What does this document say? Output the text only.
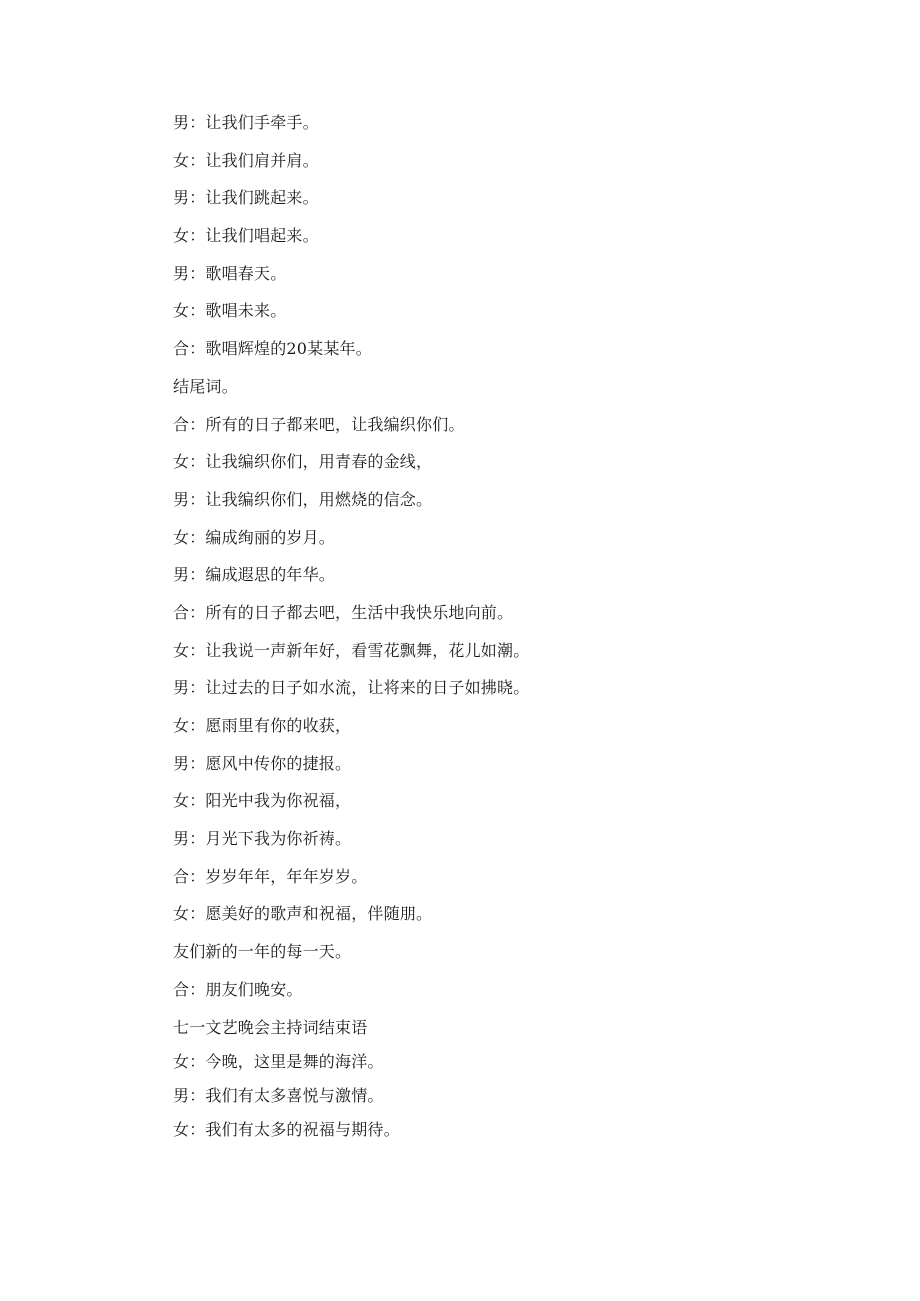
男：让我们手牵手。
女：让我们肩并肩。
男：让我们跳起来。
女：让我们唱起来。
男：歌唱春天。
女：歌唱未来。
合：歌唱辉煌的20某某年。
结尾词。
合：所有的日子都来吧，让我编织你们。
女：让我编织你们，用青春的金线，
男：让我编织你们，用燃烧的信念。
女：编成绚丽的岁月。
男：编成遐思的年华。
合：所有的日子都去吧，生活中我快乐地向前。
女：让我说一声新年好，看雪花飘舞，花儿如潮。
男：让过去的日子如水流，让将来的日子如拂晓。
女：愿雨里有你的收获，
男：愿风中传你的捷报。
女：阳光中我为你祝福，
男：月光下我为你祈祷。
合：岁岁年年，年年岁岁。
女：愿美好的歌声和祝福，伴随朋。
友们新的一年的每一天。
合：朋友们晚安。
七一文艺晚会主持词结束语
女：今晚，这里是舞的海洋。
男：我们有太多喜悦与激情。
女：我们有太多的祝福与期待。
